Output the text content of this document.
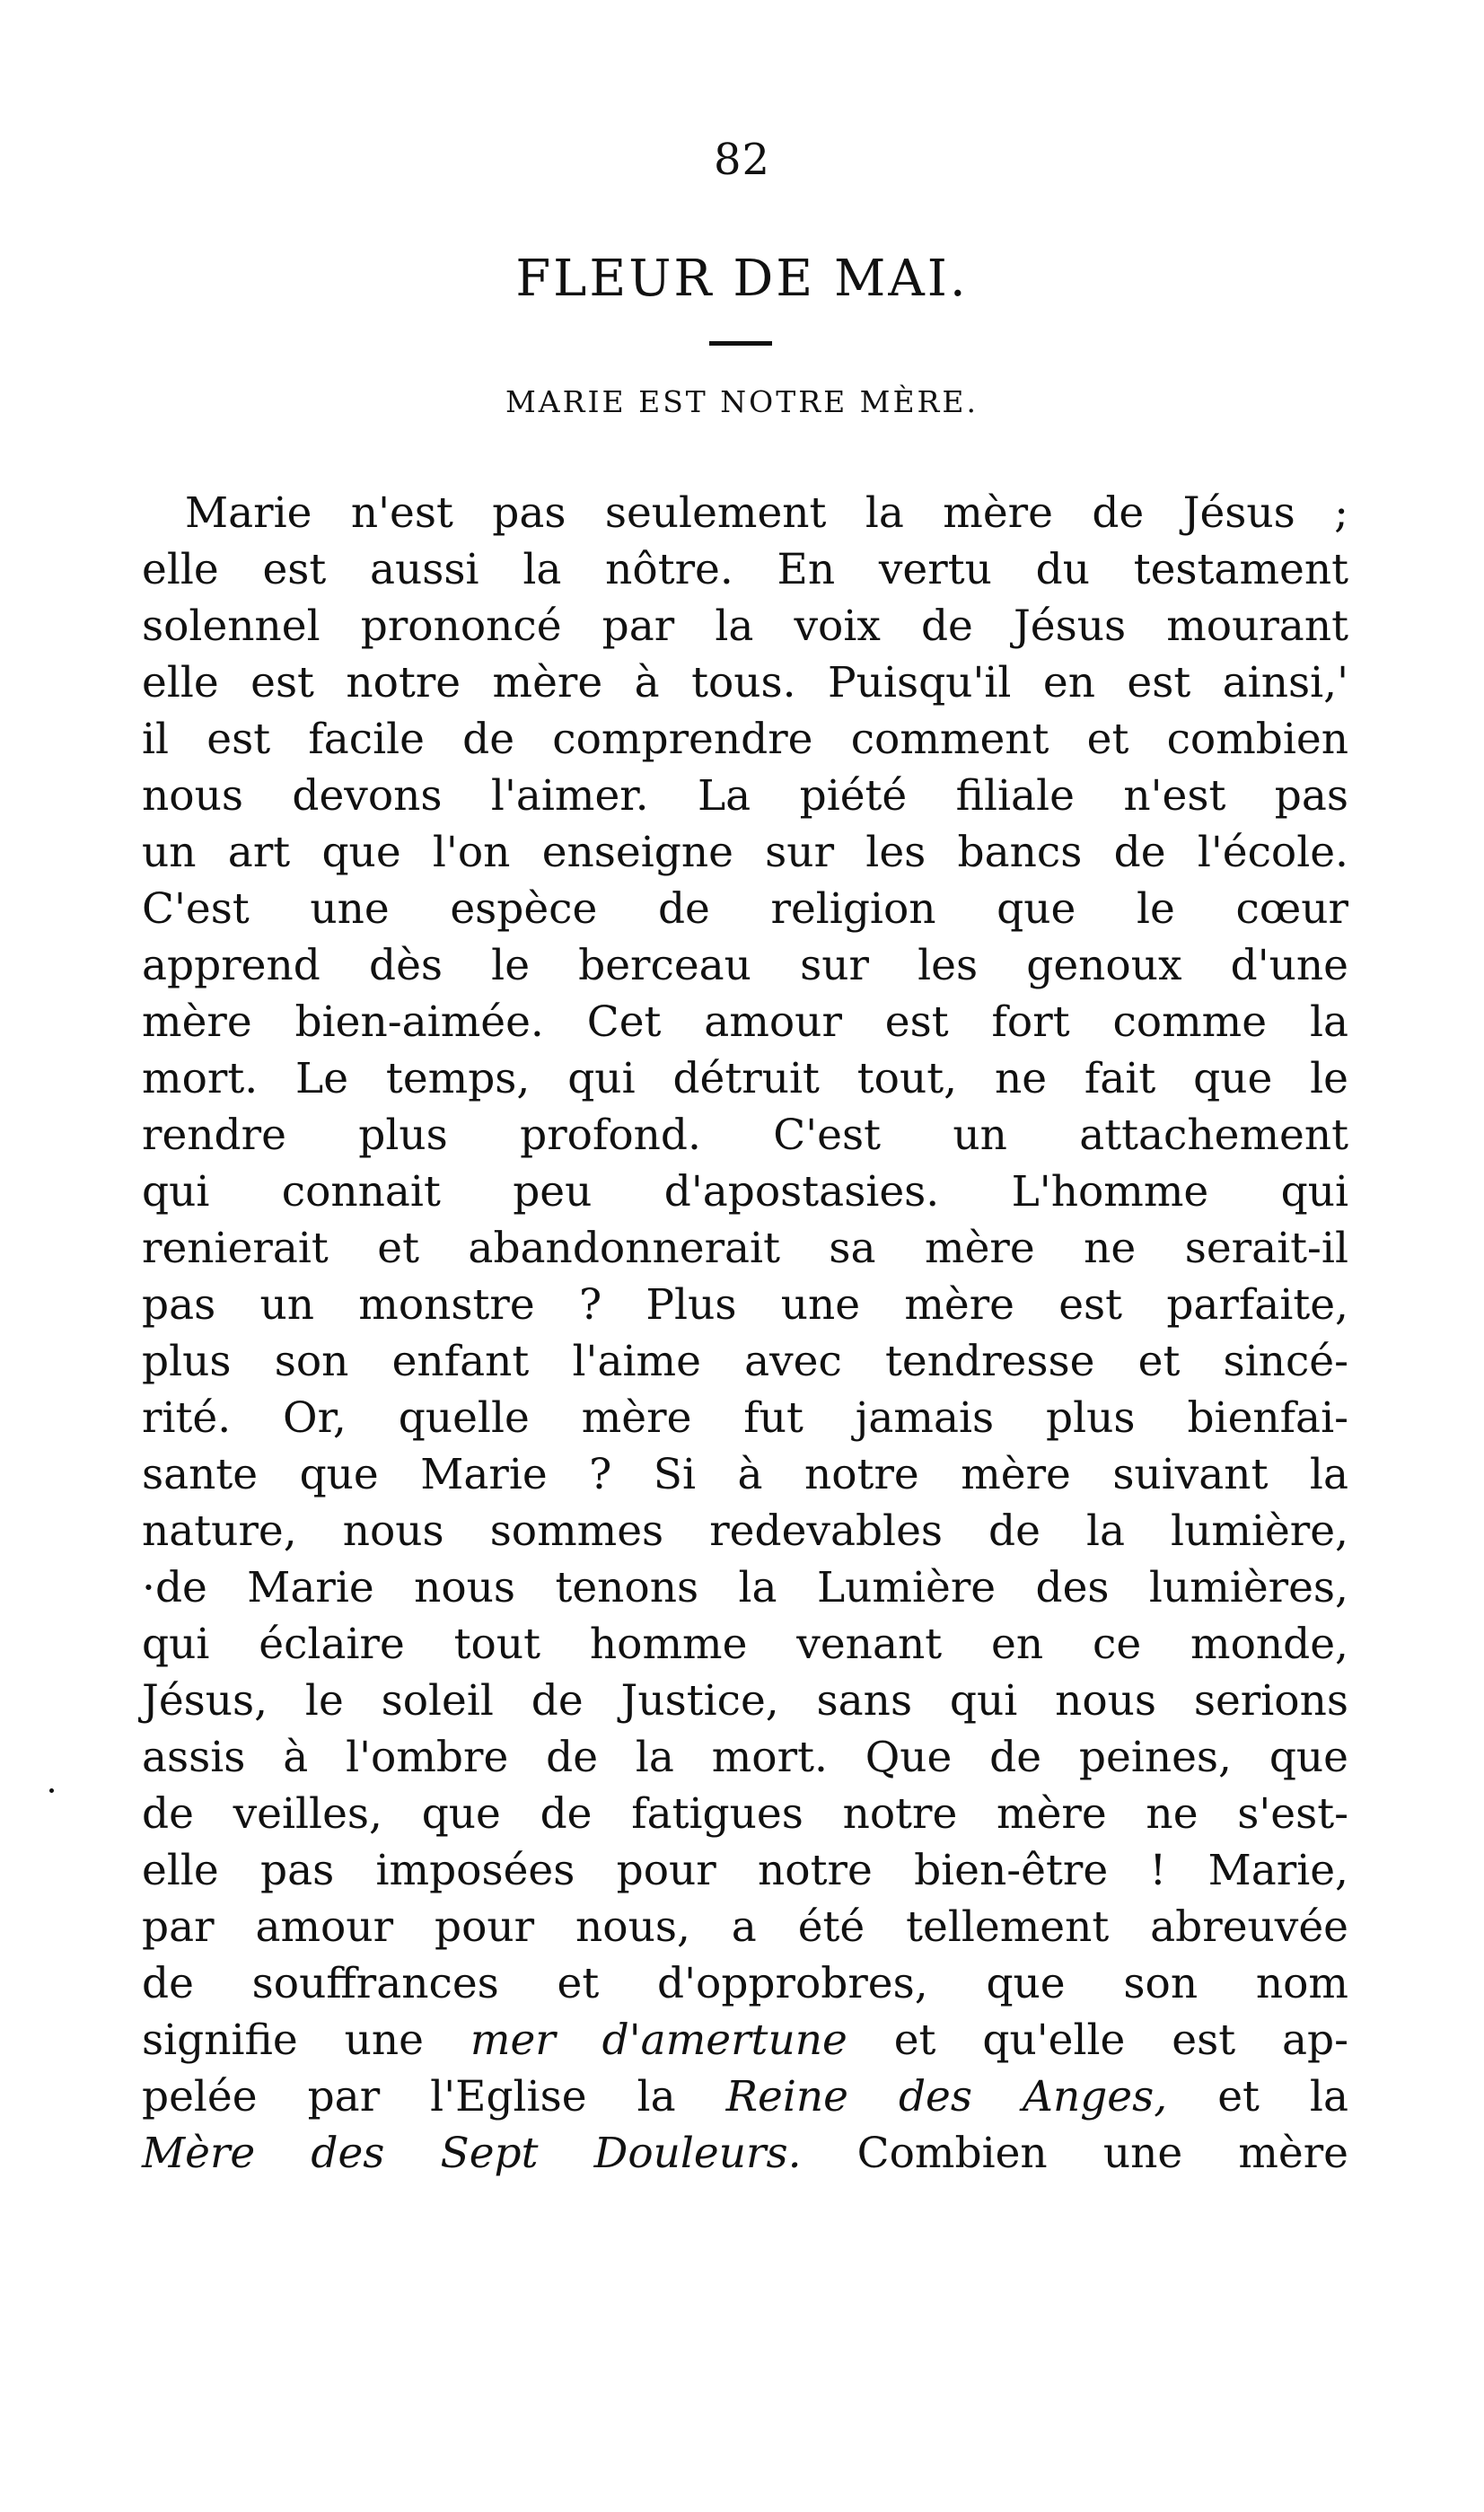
82
FLEUR DE MAI.
MARIE EST NOTRE MÈRE.
Marie n'est pas seulement la mère de Jésus ;
elle est aussi la nôtre. En vertu du testament
solennel prononcé par la voix de Jésus mourant
elle est notre mère à tous. Puisqu'il en est ainsi,'
il est facile de comprendre comment et combien
nous devons l'aimer. La piété filiale n'est pas
un art que l'on enseigne sur les bancs de l'école.
C'est une espèce de religion que le cœur
apprend dès le berceau sur les genoux d'une
mère bien-aimée. Cet amour est fort comme la
mort. Le temps, qui détruit tout, ne fait que le
rendre plus profond. C'est un attachement
qui connait peu d'apostasies. L'homme qui
renierait et abandonnerait sa mère ne serait-il
pas un monstre ? Plus une mère est parfaite,
plus son enfant l'aime avec tendresse et sincé-
rité. Or, quelle mère fut jamais plus bienfai-
sante que Marie ? Si à notre mère suivant la
nature, nous sommes redevables de la lumière,
·de Marie nous tenons la Lumière des lumières,
qui éclaire tout homme venant en ce monde,
Jésus, le soleil de Justice, sans qui nous serions
assis à l'ombre de la mort. Que de peines, que
de veilles, que de fatigues notre mère ne s'est-
elle pas imposées pour notre bien-être ! Marie,
par amour pour nous, a été tellement abreuvée
de souffrances et d'opprobres, que son nom
signifie une mer d'amertune et qu'elle est ap-
pelée par l'Eglise la Reine des Anges, et la
Mère des Sept Douleurs. Combien une mère
